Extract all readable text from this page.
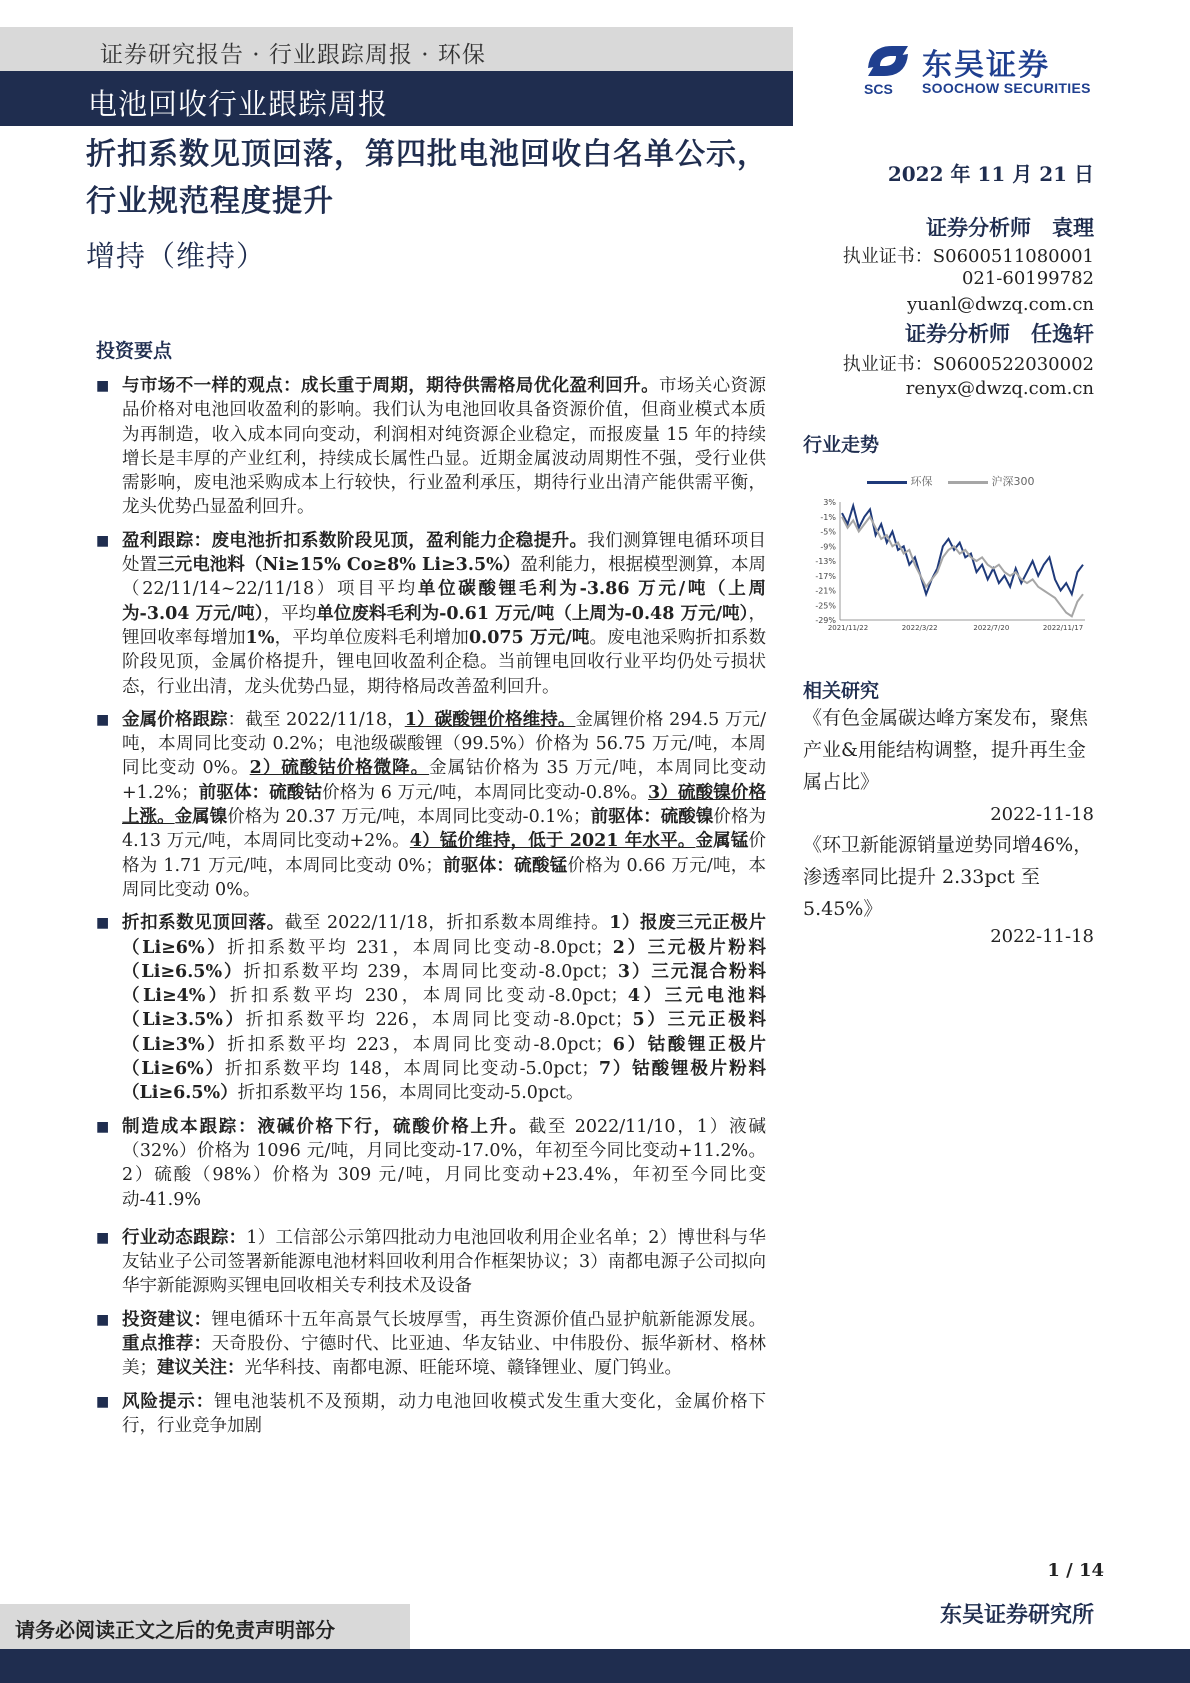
证券研究报告 · 行业跟踪周报 · 环保
电池回收行业跟踪周报	SCS
东吴证券
SOOCHOW SECURITIES
折扣系数见顶回落，第四批电池回收白名单公示，行业规范程度提升
增持（维持）
2022 年 11 月 21 日
证券分析师　袁理
执业证书：S0600511080001
021-60199782
yuanl@dwzq.com.cn
证券分析师　任逸轩
执业证书：S0600522030002
renyx@dwzq.com.cn
投资要点
■ 与市场不一样的观点：成长重于周期，期待供需格局优化盈利回升。市场关心资源品价格对电池回收盈利的影响。我们认为电池回收具备资源价值，但商业模式本质为再制造，收入成本同向变动，利润相对纯资源企业稳定，而报废量 15 年的持续增长是丰厚的产业红利，持续成长属性凸显。近期金属波动周期性不强，受行业供需影响，废电池采购成本上行较快，行业盈利承压，期待行业出清产能供需平衡，龙头优势凸显盈利回升。
■ 盈利跟踪：废电池折扣系数阶段见顶，盈利能力企稳提升。我们测算锂电循环项目处置三元电池料（Ni≥15% Co≥8% Li≥3.5%）盈利能力，根据模型测算，本周（22/11/14~22/11/18）项目平均单位碳酸锂毛利为-3.86 万元/吨（上周为-3.04 万元/吨），平均单位废料毛利为-0.61 万元/吨（上周为-0.48 万元/吨），锂回收率每增加1%，平均单位废料毛利增加0.075 万元/吨。废电池采购折扣系数阶段见顶，金属价格提升，锂电回收盈利企稳。当前锂电回收行业平均仍处亏损状态，行业出清，龙头优势凸显，期待格局改善盈利回升。
■ 金属价格跟踪：截至 2022/11/18，1）碳酸锂价格维持。金属锂价格 294.5 万元/吨，本周同比变动 0.2%；电池级碳酸锂（99.5%）价格为 56.75 万元/吨，本周同比变动 0%。2）硫酸钴价格微降。金属钴价格为 35 万元/吨，本周同比变动+1.2%；前驱体：硫酸钴价格为 6 万元/吨，本周同比变动-0.8%。3）硫酸镍价格上涨。金属镍价格为 20.37 万元/吨，本周同比变动-0.1%；前驱体：硫酸镍价格为 4.13 万元/吨，本周同比变动+2%。4）锰价维持，低于 2021 年水平。金属锰价格为 1.71 万元/吨，本周同比变动 0%；前驱体：硫酸锰价格为 0.66 万元/吨，本周同比变动 0%。
■ 折扣系数见顶回落。截至 2022/11/18，折扣系数本周维持。1）报废三元正极片（Li≥6%）折扣系数平均 231，本周同比变动-8.0pct；2）三元极片粉料（Li≥6.5%）折扣系数平均 239，本周同比变动-8.0pct；3）三元混合粉料（Li≥4%）折扣系数平均 230，本周同比变动-8.0pct；4）三元电池料（Li≥3.5%）折扣系数平均 226，本周同比变动-8.0pct；5）三元正极料（Li≥3%）折扣系数平均 223，本周同比变动-8.0pct；6）钴酸锂正极片（Li≥6%）折扣系数平均 148，本周同比变动-5.0pct；7）钴酸锂极片粉料（Li≥6.5%）折扣系数平均 156，本周同比变动-5.0pct。
■ 制造成本跟踪：液碱价格下行，硫酸价格上升。截至 2022/11/10，1）液碱（32%）价格为 1096 元/吨，月同比变动-17.0%，年初至今同比变动+11.2%。2）硫酸（98%）价格为 309 元/吨，月同比变动+23.4%，年初至今同比变动-41.9%
■ 行业动态跟踪：1）工信部公示第四批动力电池回收利用企业名单；2）博世科与华友钴业子公司签署新能源电池材料回收利用合作框架协议；3）南都电源子公司拟向华宇新能源购买锂电回收相关专利技术及设备
■ 投资建议：锂电循环十五年高景气长坡厚雪，再生资源价值凸显护航新能源发展。重点推荐：天奇股份、宁德时代、比亚迪、华友钴业、中伟股份、振华新材、格林美；建议关注：光华科技、南都电源、旺能环境、赣锋锂业、厦门钨业。
■ 风险提示：锂电池装机不及预期，动力电池回收模式发生重大变化，金属价格下行，行业竞争加剧
行业走势
环保	沪深300
3%
-1%
-5%
-9%
-13%
-17%
-21%
-25%
-29%
2021/11/22	2022/3/22	2022/7/20	2022/11/17
相关研究
《有色金属碳达峰方案发布，聚焦产业&用能结构调整，提升再生金属占比》
2022-11-18
《环卫新能源销量逆势同增46%，渗透率同比提升 2.33pct 至5.45%》
2022-11-18
1 / 14
请务必阅读正文之后的免责声明部分
东吴证券研究所
